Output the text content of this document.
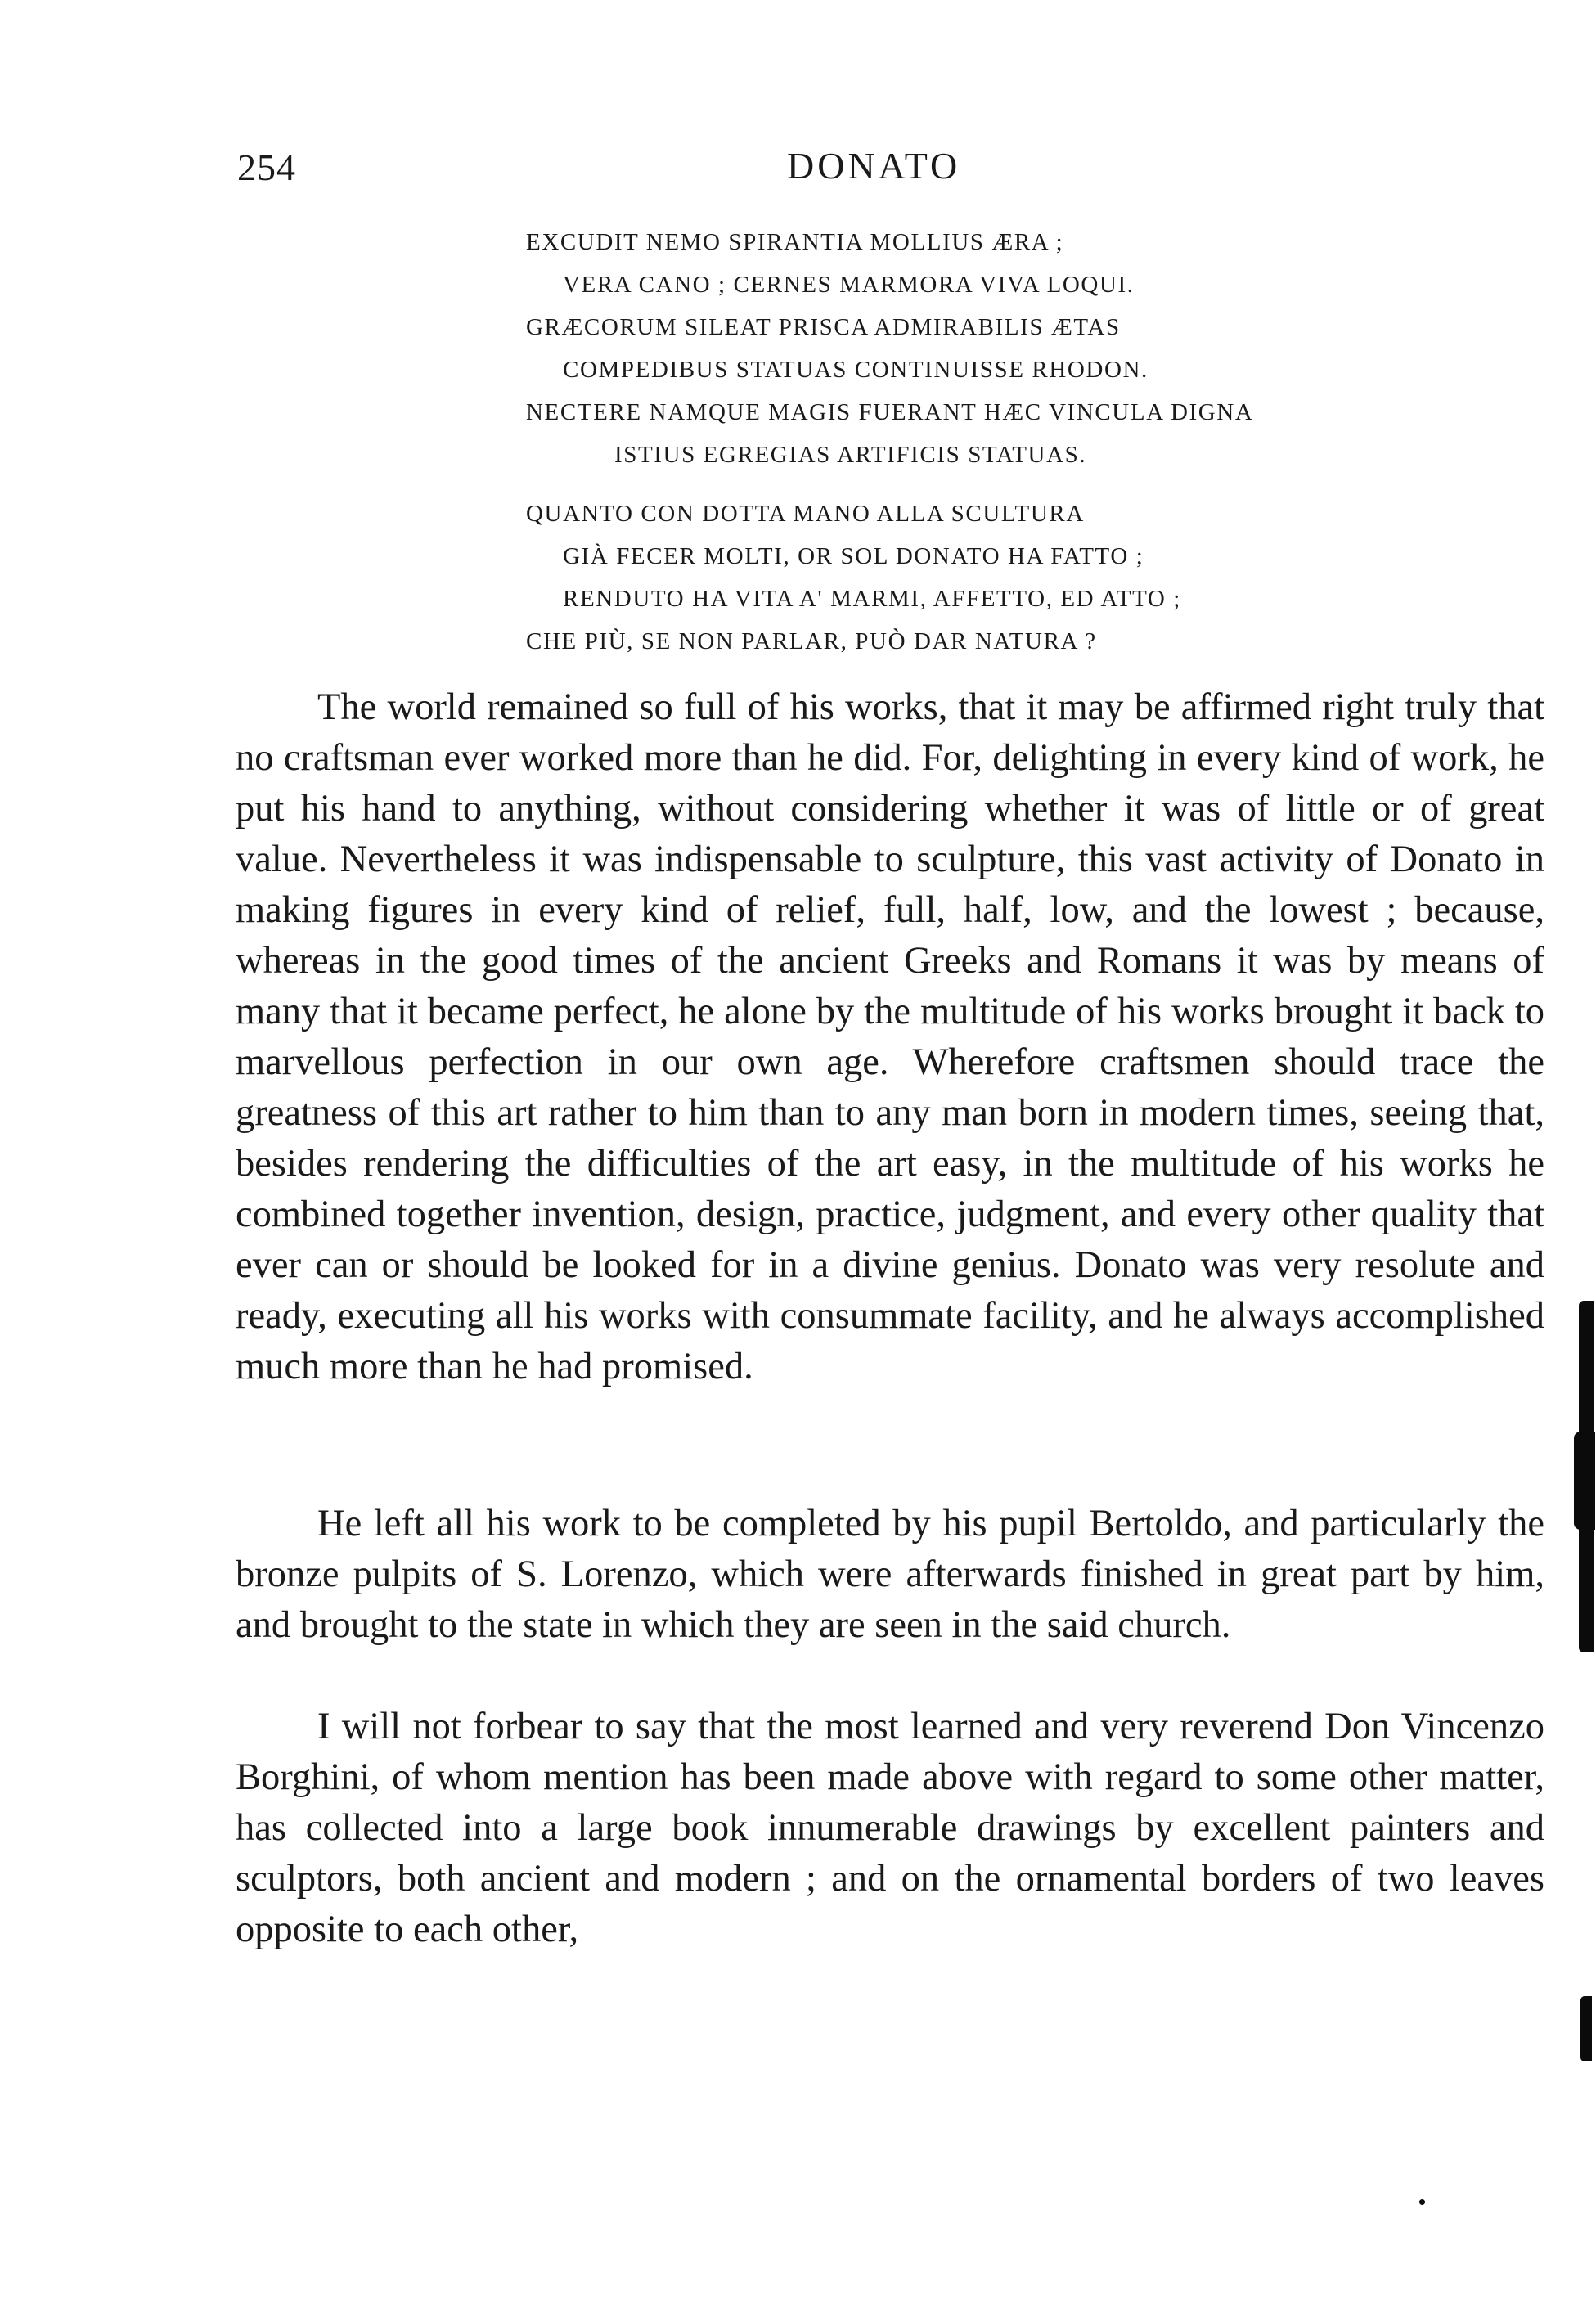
254	DONATO
EXCUDIT NEMO SPIRANTIA MOLLIUS ÆRA ;
VERA CANO ; CERNES MARMORA VIVA LOQUI.
GRÆCORUM SILEAT PRISCA ADMIRABILIS ÆTAS
COMPEDIBUS STATUAS CONTINUISSE RHODON.
NECTERE NAMQUE MAGIS FUERANT HÆC VINCULA DIGNA
ISTIUS EGREGIAS ARTIFICIS STATUAS.
QUANTO CON DOTTA MANO ALLA SCULTURA
GIÀ FECER MOLTI, OR SOL DONATO HA FATTO ;
RENDUTO HA VITA A' MARMI, AFFETTO, ED ATTO ;
CHE PIÙ, SE NON PARLAR, PUÒ DAR NATURA ?

The world remained so full of his works, that it may be affirmed right truly that no craftsman ever worked more than he did. For, delighting in every kind of work, he put his hand to anything, without considering whether it was of little or of great value. Nevertheless it was indispensable to sculpture, this vast activity of Donato in making figures in every kind of relief, full, half, low, and the lowest ; because, whereas in the good times of the ancient Greeks and Romans it was by means of many that it became perfect, he alone by the multitude of his works brought it back to marvellous perfection in our own age. Wherefore craftsmen should trace the greatness of this art rather to him than to any man born in modern times, seeing that, besides rendering the difficulties of the art easy, in the multitude of his works he combined together invention, design, practice, judgment, and every other quality that ever can or should be looked for in a divine genius. Donato was very resolute and ready, executing all his works with consummate facility, and he always accomplished much more than he had promised.

He left all his work to be completed by his pupil Bertoldo, and particularly the bronze pulpits of S. Lorenzo, which were afterwards finished in great part by him, and brought to the state in which they are seen in the said church.

I will not forbear to say that the most learned and very reverend Don Vincenzo Borghini, of whom mention has been made above with regard to some other matter, has collected into a large book innumerable drawings by excellent painters and sculptors, both ancient and modern ; and on the ornamental borders of two leaves opposite to each other,
